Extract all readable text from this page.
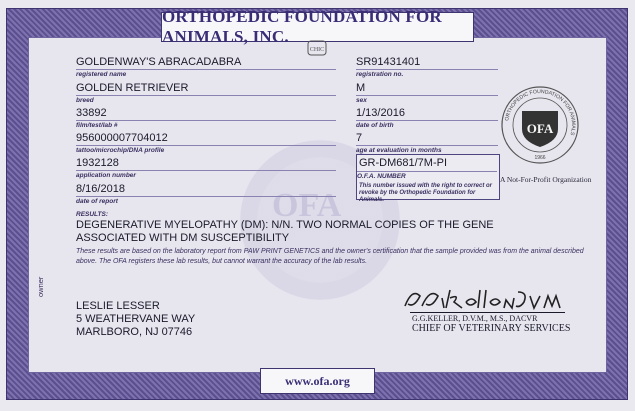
ORTHOPEDIC FOUNDATION FOR ANIMALS, INC.
CHIC
OFA
GOLDENWAY'S ABRACADABRA
registered name
GOLDEN RETRIEVER
breed
33892
film/test/lab #
956000007704012
tattoo/microchip/DNA profile
1932128
application number
8/16/2018
date of report
SR91431401
registration no.
M
sex
1/13/2016
date of birth
7
age at evaluation in months
GR-DM681/7M-PI
O.F.A. NUMBER
This number issued with the right to correct or revoke by the Orthopedic Foundation for Animals.
ORTHOPEDIC FOUNDATION FOR ANIMALS
OFA
1966
A Not-For-Profit Organization
RESULTS:
DEGENERATIVE MYELOPATHY (DM): N/N. TWO NORMAL COPIES OF THE GENE ASSOCIATED WITH DM SUSCEPTIBILITY
These results are based on the laboratory report from PAW PRINT GENETICS and the owner's certification that the sample provided was from the animal described above. The OFA registers these lab results, but cannot warrant the accuracy of the lab results.
owner
LESLIE LESSER
5 WEATHERVANE WAY
MARLBORO, NJ 07746
G.G.KELLER, D.V.M., M.S., DACVR
CHIEF OF VETERINARY SERVICES
www.ofa.org
